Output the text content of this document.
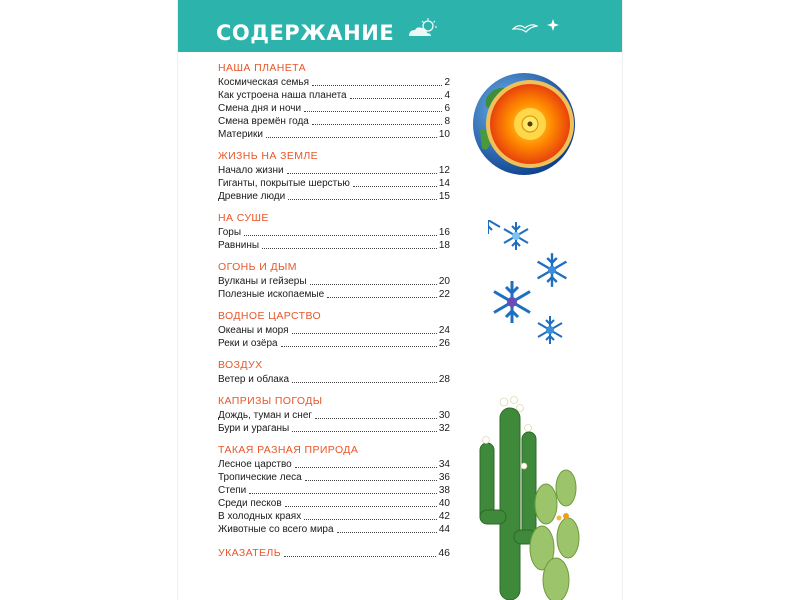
СОДЕРЖАНИЕ
НАША ПЛАНЕТА
Космическая семья	2
Как устроена наша планета	4
Смена дня и ночи	6
Смена времён года	8
Материки	10
ЖИЗНЬ НА ЗЕМЛЕ
Начало жизни	12
Гиганты, покрытые шерстью	14
Древние люди	15
НА СУШЕ
Горы	16
Равнины	18
ОГОНЬ И ДЫМ
Вулканы и гейзеры	20
Полезные ископаемые	22
ВОДНОЕ ЦАРСТВО
Океаны и моря	24
Реки и озёра	26
ВОЗДУХ
Ветер и облака	28
КАПРИЗЫ ПОГОДЫ
Дождь, туман и снег	30
Бури и ураганы	32
ТАКАЯ РАЗНАЯ ПРИРОДА
Лесное царство	34
Тропические леса	36
Степи	38
Среди песков	40
В холодных краях	42
Животные со всего мира	44
УКАЗАТЕЛЬ	46
